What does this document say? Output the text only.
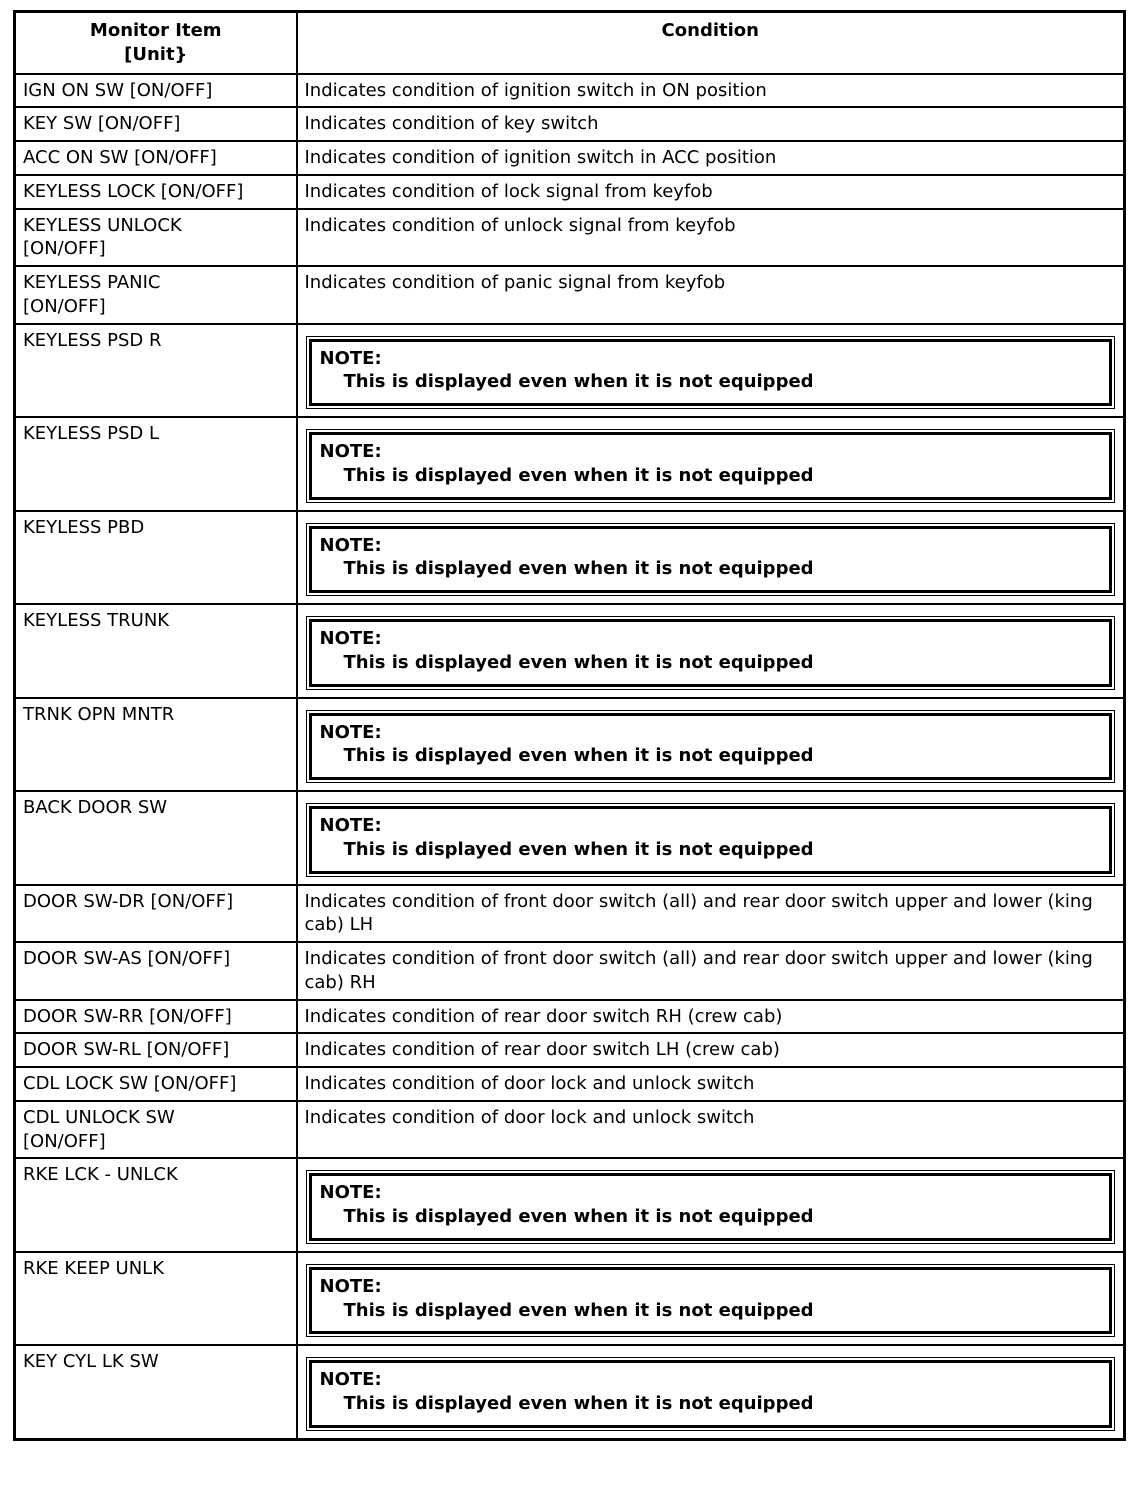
Monitor Item
[Unit}	Condition
IGN ON SW [ON/OFF]	Indicates condition of ignition switch in ON position
KEY SW [ON/OFF]	Indicates condition of key switch
ACC ON SW [ON/OFF]	Indicates condition of ignition switch in ACC position
KEYLESS LOCK [ON/OFF]	Indicates condition of lock signal from keyfob
KEYLESS UNLOCK
[ON/OFF]	Indicates condition of unlock signal from keyfob
KEYLESS PANIC
[ON/OFF]	Indicates condition of panic signal from keyfob
KEYLESS PSD R	NOTE:
This is displayed even when it is not equipped

KEYLESS PSD L	NOTE:
This is displayed even when it is not equipped

KEYLESS PBD	NOTE:
This is displayed even when it is not equipped

KEYLESS TRUNK	NOTE:
This is displayed even when it is not equipped

TRNK OPN MNTR	NOTE:
This is displayed even when it is not equipped

BACK DOOR SW	NOTE:
This is displayed even when it is not equipped

DOOR SW-DR [ON/OFF]	Indicates condition of front door switch (all) and rear door switch upper and lower (king cab) LH
DOOR SW-AS [ON/OFF]	Indicates condition of front door switch (all) and rear door switch upper and lower (king cab) RH
DOOR SW-RR [ON/OFF]	Indicates condition of rear door switch RH (crew cab)
DOOR SW-RL [ON/OFF]	Indicates condition of rear door switch LH (crew cab)
CDL LOCK SW [ON/OFF]	Indicates condition of door lock and unlock switch
CDL UNLOCK SW
[ON/OFF]	Indicates condition of door lock and unlock switch
RKE LCK - UNLCK	NOTE:
This is displayed even when it is not equipped

RKE KEEP UNLK	NOTE:
This is displayed even when it is not equipped

KEY CYL LK SW	NOTE:
This is displayed even when it is not equipped
